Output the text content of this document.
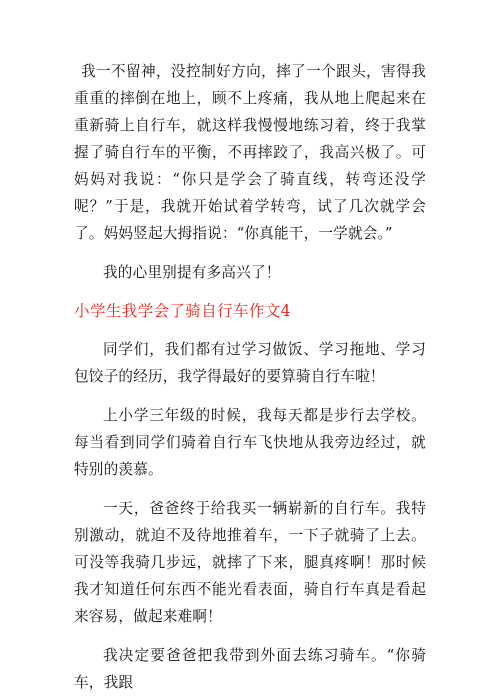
我一不留神，没控制好方向，摔了一个跟头，害得我重重的摔倒在地上，顾不上疼痛，我从地上爬起来在重新骑上自行车，就这样我慢慢地练习着，终于我掌握了骑自行车的平衡，不再摔跤了，我高兴极了。可妈妈对我说：“你只是学会了骑直线，转弯还没学呢？”于是，我就开始试着学转弯，试了几次就学会了。妈妈竖起大拇指说：“你真能干，一学就会。”

我的心里别提有多高兴了！

小学生我学会了骑自行车作文4

同学们，我们都有过学习做饭、学习拖地、学习包饺子的经历，我学得最好的要算骑自行车啦！

上小学三年级的时候，我每天都是步行去学校。每当看到同学们骑着自行车飞快地从我旁边经过，就特别的羡慕。

一天，爸爸终于给我买一辆崭新的自行车。我特别激动，就迫不及待地推着车，一下子就骑了上去。可没等我骑几步远，就摔了下来，腿真疼啊！那时候我才知道任何东西不能光看表面，骑自行车真是看起来容易，做起来难啊！

我决定要爸爸把我带到外面去练习骑车。“你骑车，我跟
